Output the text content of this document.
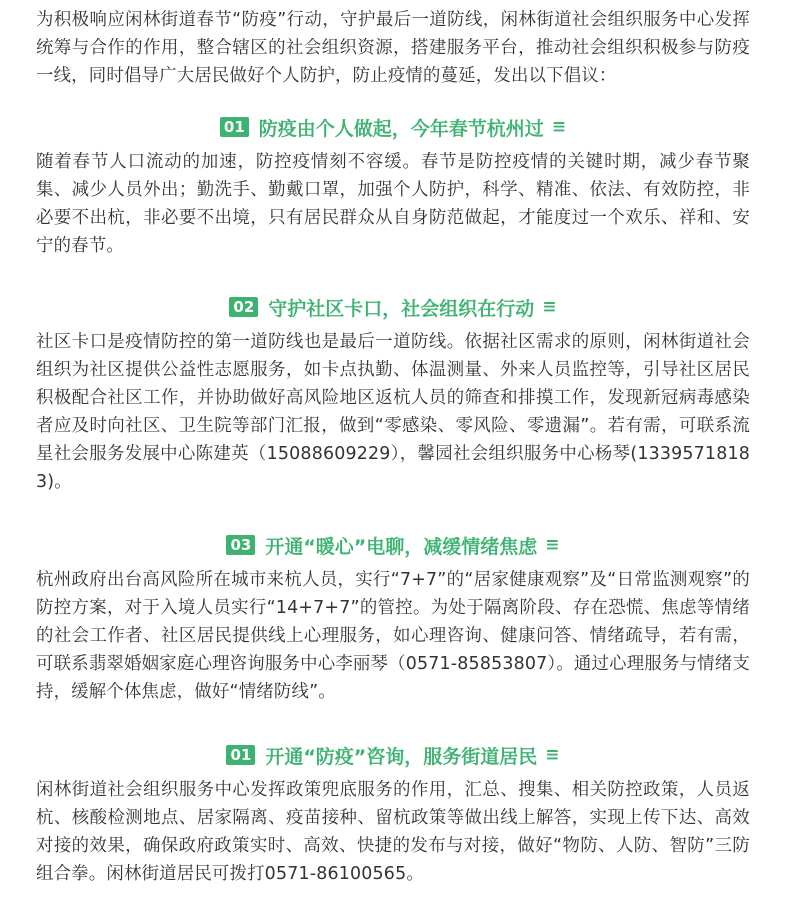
为积极响应闲林街道春节“防疫”行动，守护最后一道防线，闲林街道社会组织服务中心发挥统筹与合作的作用，整合辖区的社会组织资源，搭建服务平台，推动社会组织积极参与防疫一线，同时倡导广大居民做好个人防护，防止疫情的蔓延，发出以下倡议：

01 防疫由个人做起，今年春节杭州过 ≡

随着春节人口流动的加速，防控疫情刻不容缓。春节是防控疫情的关键时期，减少春节聚集、减少人员外出；勤洗手、勤戴口罩，加强个人防护，科学、精准、依法、有效防控，非必要不出杭，非必要不出境，只有居民群众从自身防范做起，才能度过一个欢乐、祥和、安宁的春节。

02 守护社区卡口，社会组织在行动 ≡

社区卡口是疫情防控的第一道防线也是最后一道防线。依据社区需求的原则，闲林街道社会组织为社区提供公益性志愿服务，如卡点执勤、体温测量、外来人员监控等，引导社区居民积极配合社区工作，并协助做好高风险地区返杭人员的筛查和排摸工作，发现新冠病毒感染者应及时向社区、卫生院等部门汇报，做到“零感染、零风险、零遗漏”。若有需，可联系流星社会服务发展中心陈建英（15088609229），馨园社会组织服务中心杨琴(13395718183)。

03 开通“暖心”电聊，减缓情绪焦虑 ≡

杭州政府出台高风险所在城市来杭人员，实行“7+7”的“居家健康观察”及“日常监测观察”的防控方案，对于入境人员实行“14+7+7”的管控。为处于隔离阶段、存在恐慌、焦虑等情绪的社会工作者、社区居民提供线上心理服务，如心理咨询、健康问答、情绪疏导，若有需，可联系翡翠婚姻家庭心理咨询服务中心李丽琴（0571-85853807）。通过心理服务与情绪支持，缓解个体焦虑，做好“情绪防线”。

01 开通“防疫”咨询，服务街道居民 ≡

闲林街道社会组织服务中心发挥政策兜底服务的作用，汇总、搜集、相关防控政策，人员返杭、核酸检测地点、居家隔离、疫苗接种、留杭政策等做出线上解答，实现上传下达、高效对接的效果，确保政府政策实时、高效、快捷的发布与对接，做好“物防、人防、智防”三防组合拳。闲林街道居民可拨打0571-86100565。
